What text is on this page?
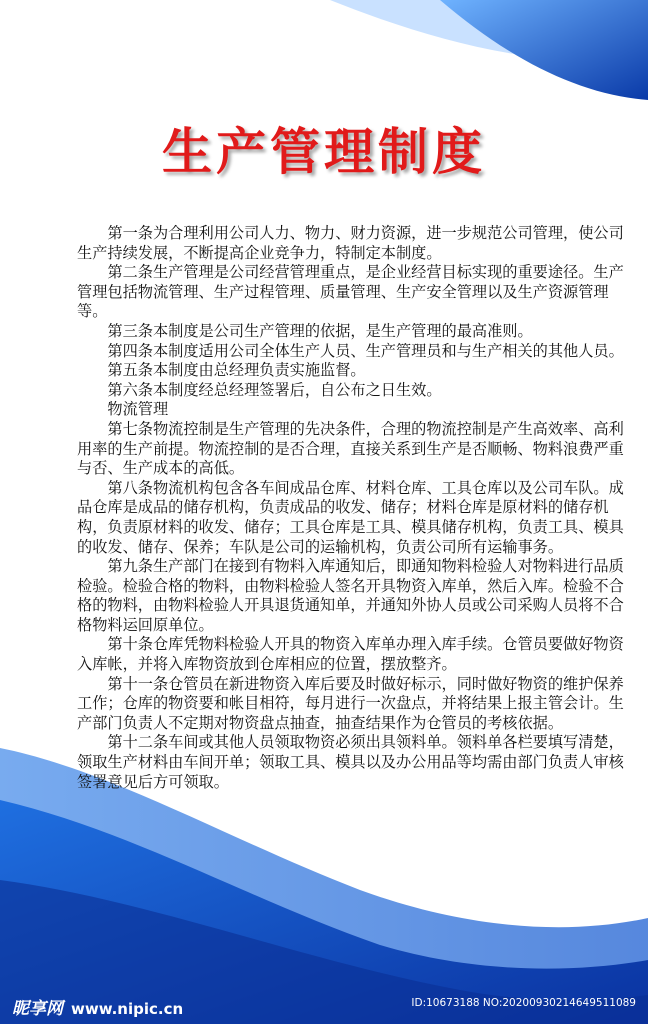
生产管理制度

第一条为合理利用公司人力、物力、财力资源，进一步规范公司管理，使公司生产持续发展，不断提高企业竞争力，特制定本制度。

第二条生产管理是公司经营管理重点，是企业经营目标实现的重要途径。生产管理包括物流管理、生产过程管理、质量管理、生产安全管理以及生产资源管理等。

第三条本制度是公司生产管理的依据，是生产管理的最高准则。

第四条本制度适用公司全体生产人员、生产管理员和与生产相关的其他人员。

第五条本制度由总经理负责实施监督。

第六条本制度经总经理签署后，自公布之日生效。

物流管理

第七条物流控制是生产管理的先决条件，合理的物流控制是产生高效率、高利用率的生产前提。物流控制的是否合理，直接关系到生产是否顺畅、物料浪费严重与否、生产成本的高低。

第八条物流机构包含各车间成品仓库、材料仓库、工具仓库以及公司车队。成品仓库是成品的储存机构，负责成品的收发、储存；材料仓库是原材料的储存机构，负责原材料的收发、储存；工具仓库是工具、模具储存机构，负责工具、模具的收发、储存、保养；车队是公司的运输机构，负责公司所有运输事务。

第九条生产部门在接到有物料入库通知后，即通知物料检验人对物料进行品质检验。检验合格的物料，由物料检验人签名开具物资入库单，然后入库。检验不合格的物料，由物料检验人开具退货通知单，并通知外协人员或公司采购人员将不合格物料运回原单位。

第十条仓库凭物料检验人开具的物资入库单办理入库手续。仓管员要做好物资入库帐，并将入库物资放到仓库相应的位置，摆放整齐。

第十一条仓管员在新进物资入库后要及时做好标示，同时做好物资的维护保养工作；仓库的物资要和帐目相符，每月进行一次盘点，并将结果上报主管会计。生产部门负责人不定期对物资盘点抽查，抽查结果作为仓管员的考核依据。

第十二条车间或其他人员领取物资必须出具领料单。领料单各栏要填写清楚，领取生产材料由车间开单；领取工具、模具以及办公用品等均需由部门负责人审核签署意见后方可领取。

昵享网 www.nipic.cn	ID:10673188 NO:20200930214649511089
